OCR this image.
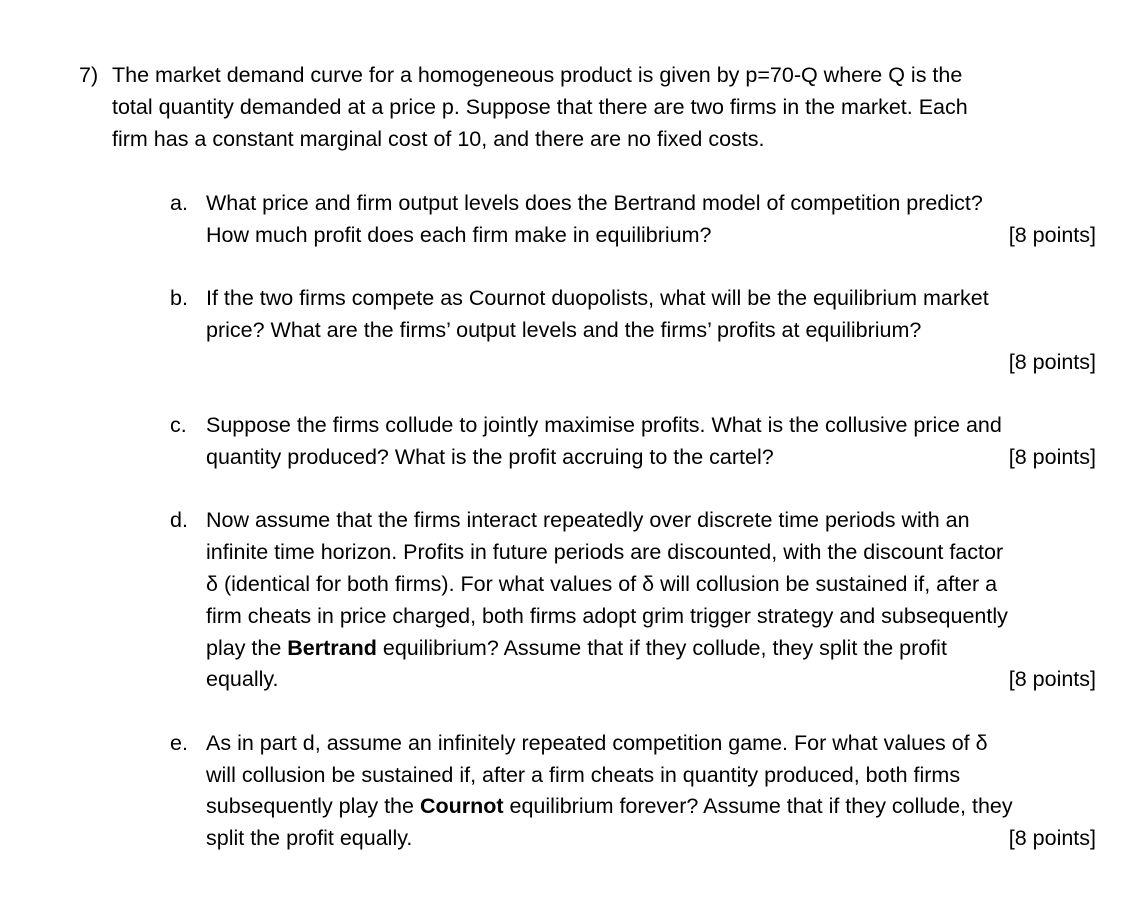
7) The market demand curve for a homogeneous product is given by p=70-Q where Q is the
total quantity demanded at a price p. Suppose that there are two firms in the market. Each
firm has a constant marginal cost of 10, and there are no fixed costs.
a. What price and firm output levels does the Bertrand model of competition predict?
How much profit does each firm make in equilibrium?	[8 points]
b. If the two firms compete as Cournot duopolists, what will be the equilibrium market
price? What are the firms’ output levels and the firms’ profits at equilibrium?
[8 points]
c. Suppose the firms collude to jointly maximise profits. What is the collusive price and
quantity produced? What is the profit accruing to the cartel?	[8 points]
d. Now assume that the firms interact repeatedly over discrete time periods with an
infinite time horizon. Profits in future periods are discounted, with the discount factor
δ (identical for both firms). For what values of δ will collusion be sustained if, after a
firm cheats in price charged, both firms adopt grim trigger strategy and subsequently
play the Bertrand equilibrium? Assume that if they collude, they split the profit
equally.	[8 points]
e. As in part d, assume an infinitely repeated competition game. For what values of δ
will collusion be sustained if, after a firm cheats in quantity produced, both firms
subsequently play the Cournot equilibrium forever? Assume that if they collude, they
split the profit equally.	[8 points]
